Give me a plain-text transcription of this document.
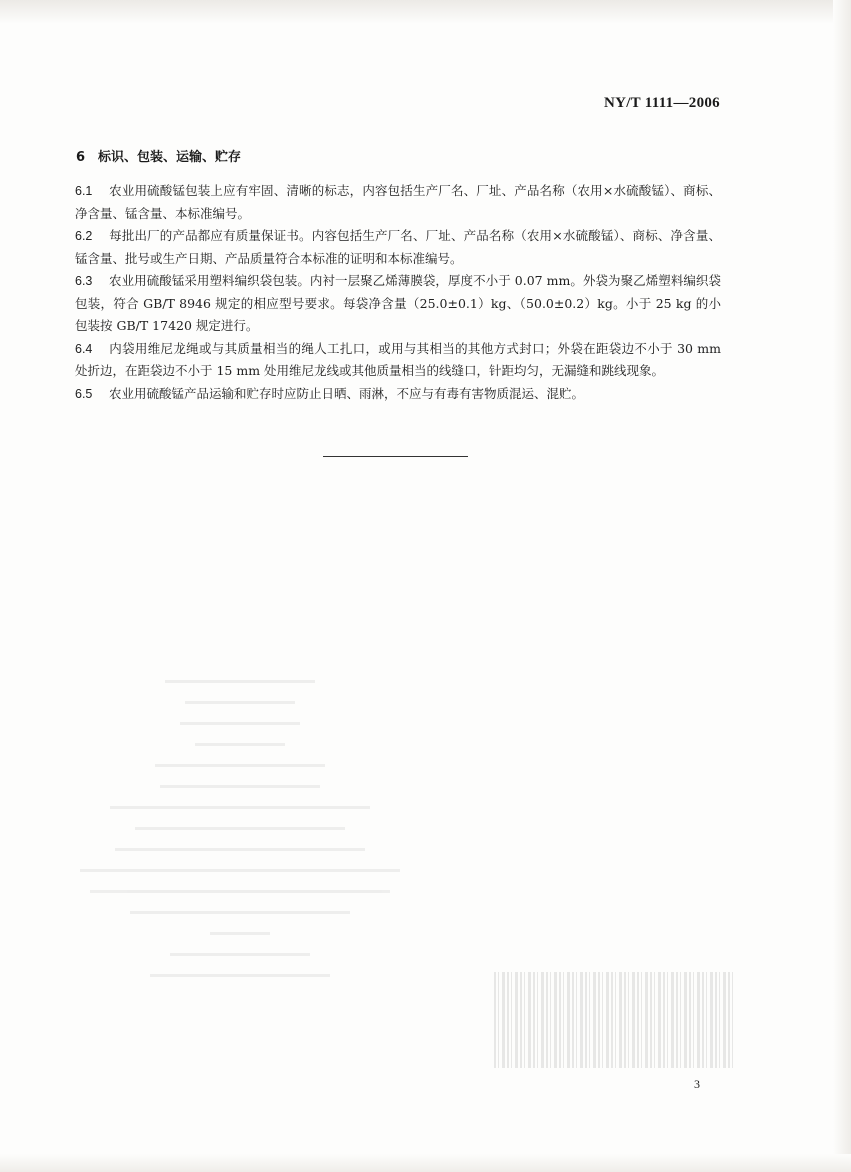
NY/T 1111—2006
6 标识、包装、运输、贮存

6.1 农业用硫酸锰包装上应有牢固、清晰的标志，内容包括生产厂名、厂址、产品名称（农用×水硫酸锰）、商标、净含量、锰含量、本标准编号。

6.2 每批出厂的产品都应有质量保证书。内容包括生产厂名、厂址、产品名称（农用×水硫酸锰）、商标、净含量、锰含量、批号或生产日期、产品质量符合本标准的证明和本标准编号。

6.3 农业用硫酸锰采用塑料编织袋包装。内衬一层聚乙烯薄膜袋，厚度不小于 0.07 mm。外袋为聚乙烯塑料编织袋包装，符合 GB/T 8946 规定的相应型号要求。每袋净含量（25.0±0.1）kg、（50.0±0.2）kg。小于 25 kg 的小包装按 GB/T 17420 规定进行。

6.4 内袋用维尼龙绳或与其质量相当的绳人工扎口，或用与其相当的其他方式封口；外袋在距袋边不小于 30 mm 处折边，在距袋边不小于 15 mm 处用维尼龙线或其他质量相当的线缝口，针距均匀，无漏缝和跳线现象。

6.5 农业用硫酸锰产品运输和贮存时应防止日晒、雨淋，不应与有毒有害物质混运、混贮。

3
